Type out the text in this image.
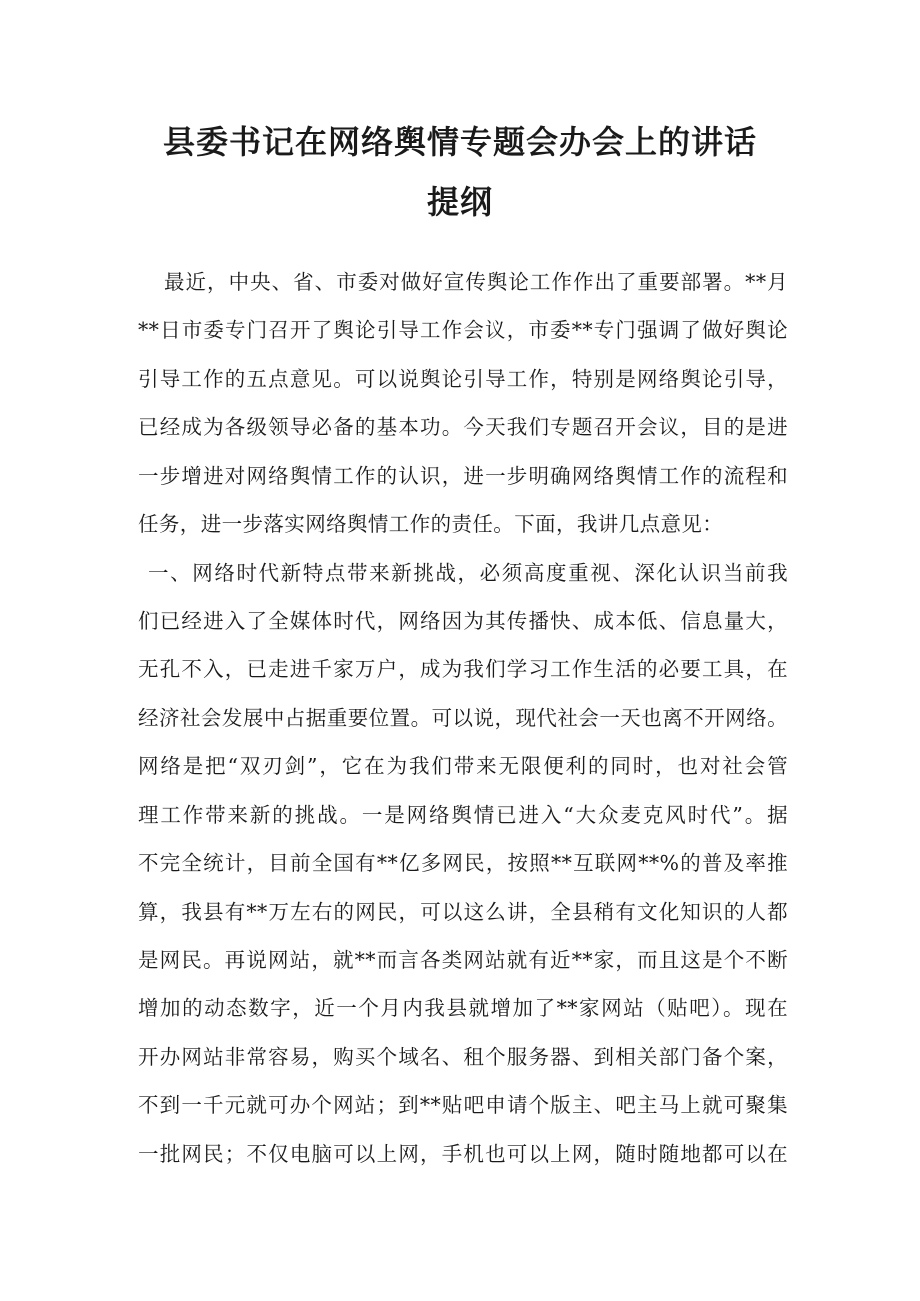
县委书记在网络舆情专题会办会上的讲话
提纲
最近，中央、省、市委对做好宣传舆论工作作出了重要部署。**月
**日市委专门召开了舆论引导工作会议，市委**专门强调了做好舆论
引导工作的五点意见。可以说舆论引导工作，特别是网络舆论引导，
已经成为各级领导必备的基本功。今天我们专题召开会议，目的是进
一步增进对网络舆情工作的认识，进一步明确网络舆情工作的流程和
任务，进一步落实网络舆情工作的责任。下面，我讲几点意见：
一、网络时代新特点带来新挑战，必须高度重视、深化认识当前我
们已经进入了全媒体时代，网络因为其传播快、成本低、信息量大，
无孔不入，已走进千家万户，成为我们学习工作生活的必要工具，在
经济社会发展中占据重要位置。可以说，现代社会一天也离不开网络。
网络是把“双刃剑”，它在为我们带来无限便利的同时，也对社会管
理工作带来新的挑战。一是网络舆情已进入“大众麦克风时代”。据
不完全统计，目前全国有**亿多网民，按照**互联网**%的普及率推
算，我县有**万左右的网民，可以这么讲，全县稍有文化知识的人都
是网民。再说网站，就**而言各类网站就有近**家，而且这是个不断
增加的动态数字，近一个月内我县就增加了**家网站（贴吧）。现在
开办网站非常容易，购买个域名、租个服务器、到相关部门备个案，
不到一千元就可办个网站；到**贴吧申请个版主、吧主马上就可聚集
一批网民；不仅电脑可以上网，手机也可以上网，随时随地都可以在
